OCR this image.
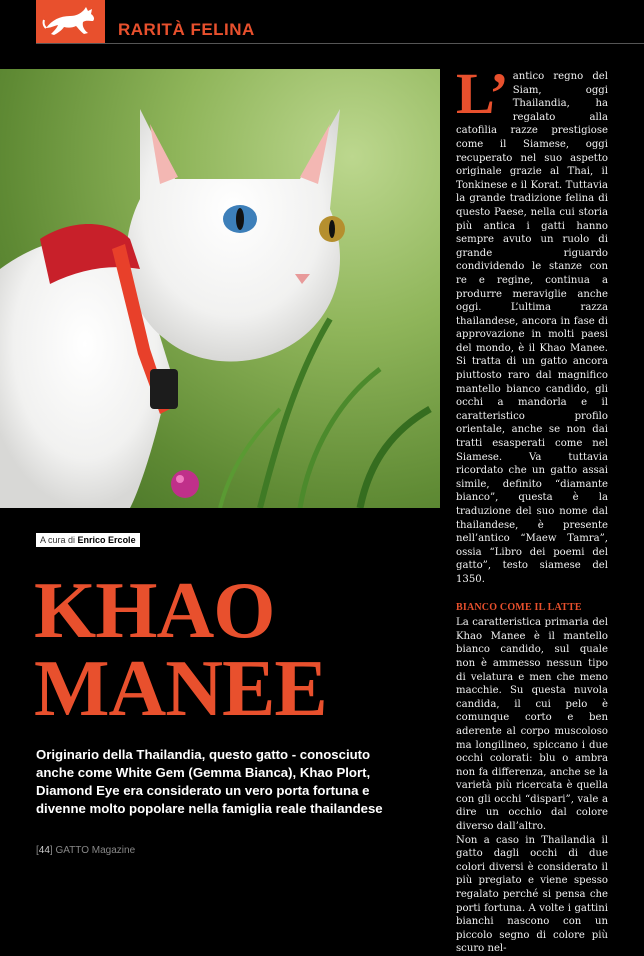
RARITÀ FELINA
L’ antico regno del Siam, oggi Thailandia, ha regalato alla catofilia razze prestigiose come il Siamese, oggi recuperato nel suo aspetto originale grazie al Thai, il Tonkinese e il Korat. Tuttavia la grande tradizione felina di questo Paese, nella cui storia più antica i gatti hanno sempre avuto un ruolo di grande riguardo condividendo le stanze con re e regine, continua a produrre meraviglie anche oggi. L’ultima razza thailandese, ancora in fase di approvazione in molti paesi del mondo, è il Khao Manee. Si tratta di un gatto ancora piuttosto raro dal magnifico mantello bianco candido, gli occhi a mandorla e il caratteristico profilo orientale, anche se non dai tratti esasperati come nel Siamese. Va tuttavia ricordato che un gatto assai simile, definito “diamante bianco”, questa è la traduzione del suo nome dal thailandese, è presente nell’antico “Maew Tamra”, ossia “Libro dei poemi del gatto”, testo siamese del 1350.

BIANCO COME IL LATTE

La caratteristica primaria del Khao Manee è il mantello bianco candido, sul quale non è ammesso nessun tipo di velatura e men che meno macchie. Su questa nuvola candida, il cui pelo è comunque corto e ben aderente al corpo muscoloso ma longilineo, spiccano i due occhi colorati: blu o ambra non fa differenza, anche se la varietà più ricercata è quella con gli occhi “dispari”, vale a dire un occhio dal colore diverso dall’altro.

Non a caso in Thailandia il gatto dagli occhi di due colori diversi è considerato il più pregiato e viene spesso regalato perché si pensa che porti fortuna. A volte i gattini bianchi nascono con un piccolo segno di colore più scuro nel-

A cura di Enrico Ercole
KHAO
MANEE
Originario della Thailandia, questo gatto - conosciuto anche come White Gem (Gemma Bianca), Khao Plort, Diamond Eye era considerato un vero porta fortuna e divenne molto popolare nella famiglia reale thailandese
[44] GATTO Magazine
